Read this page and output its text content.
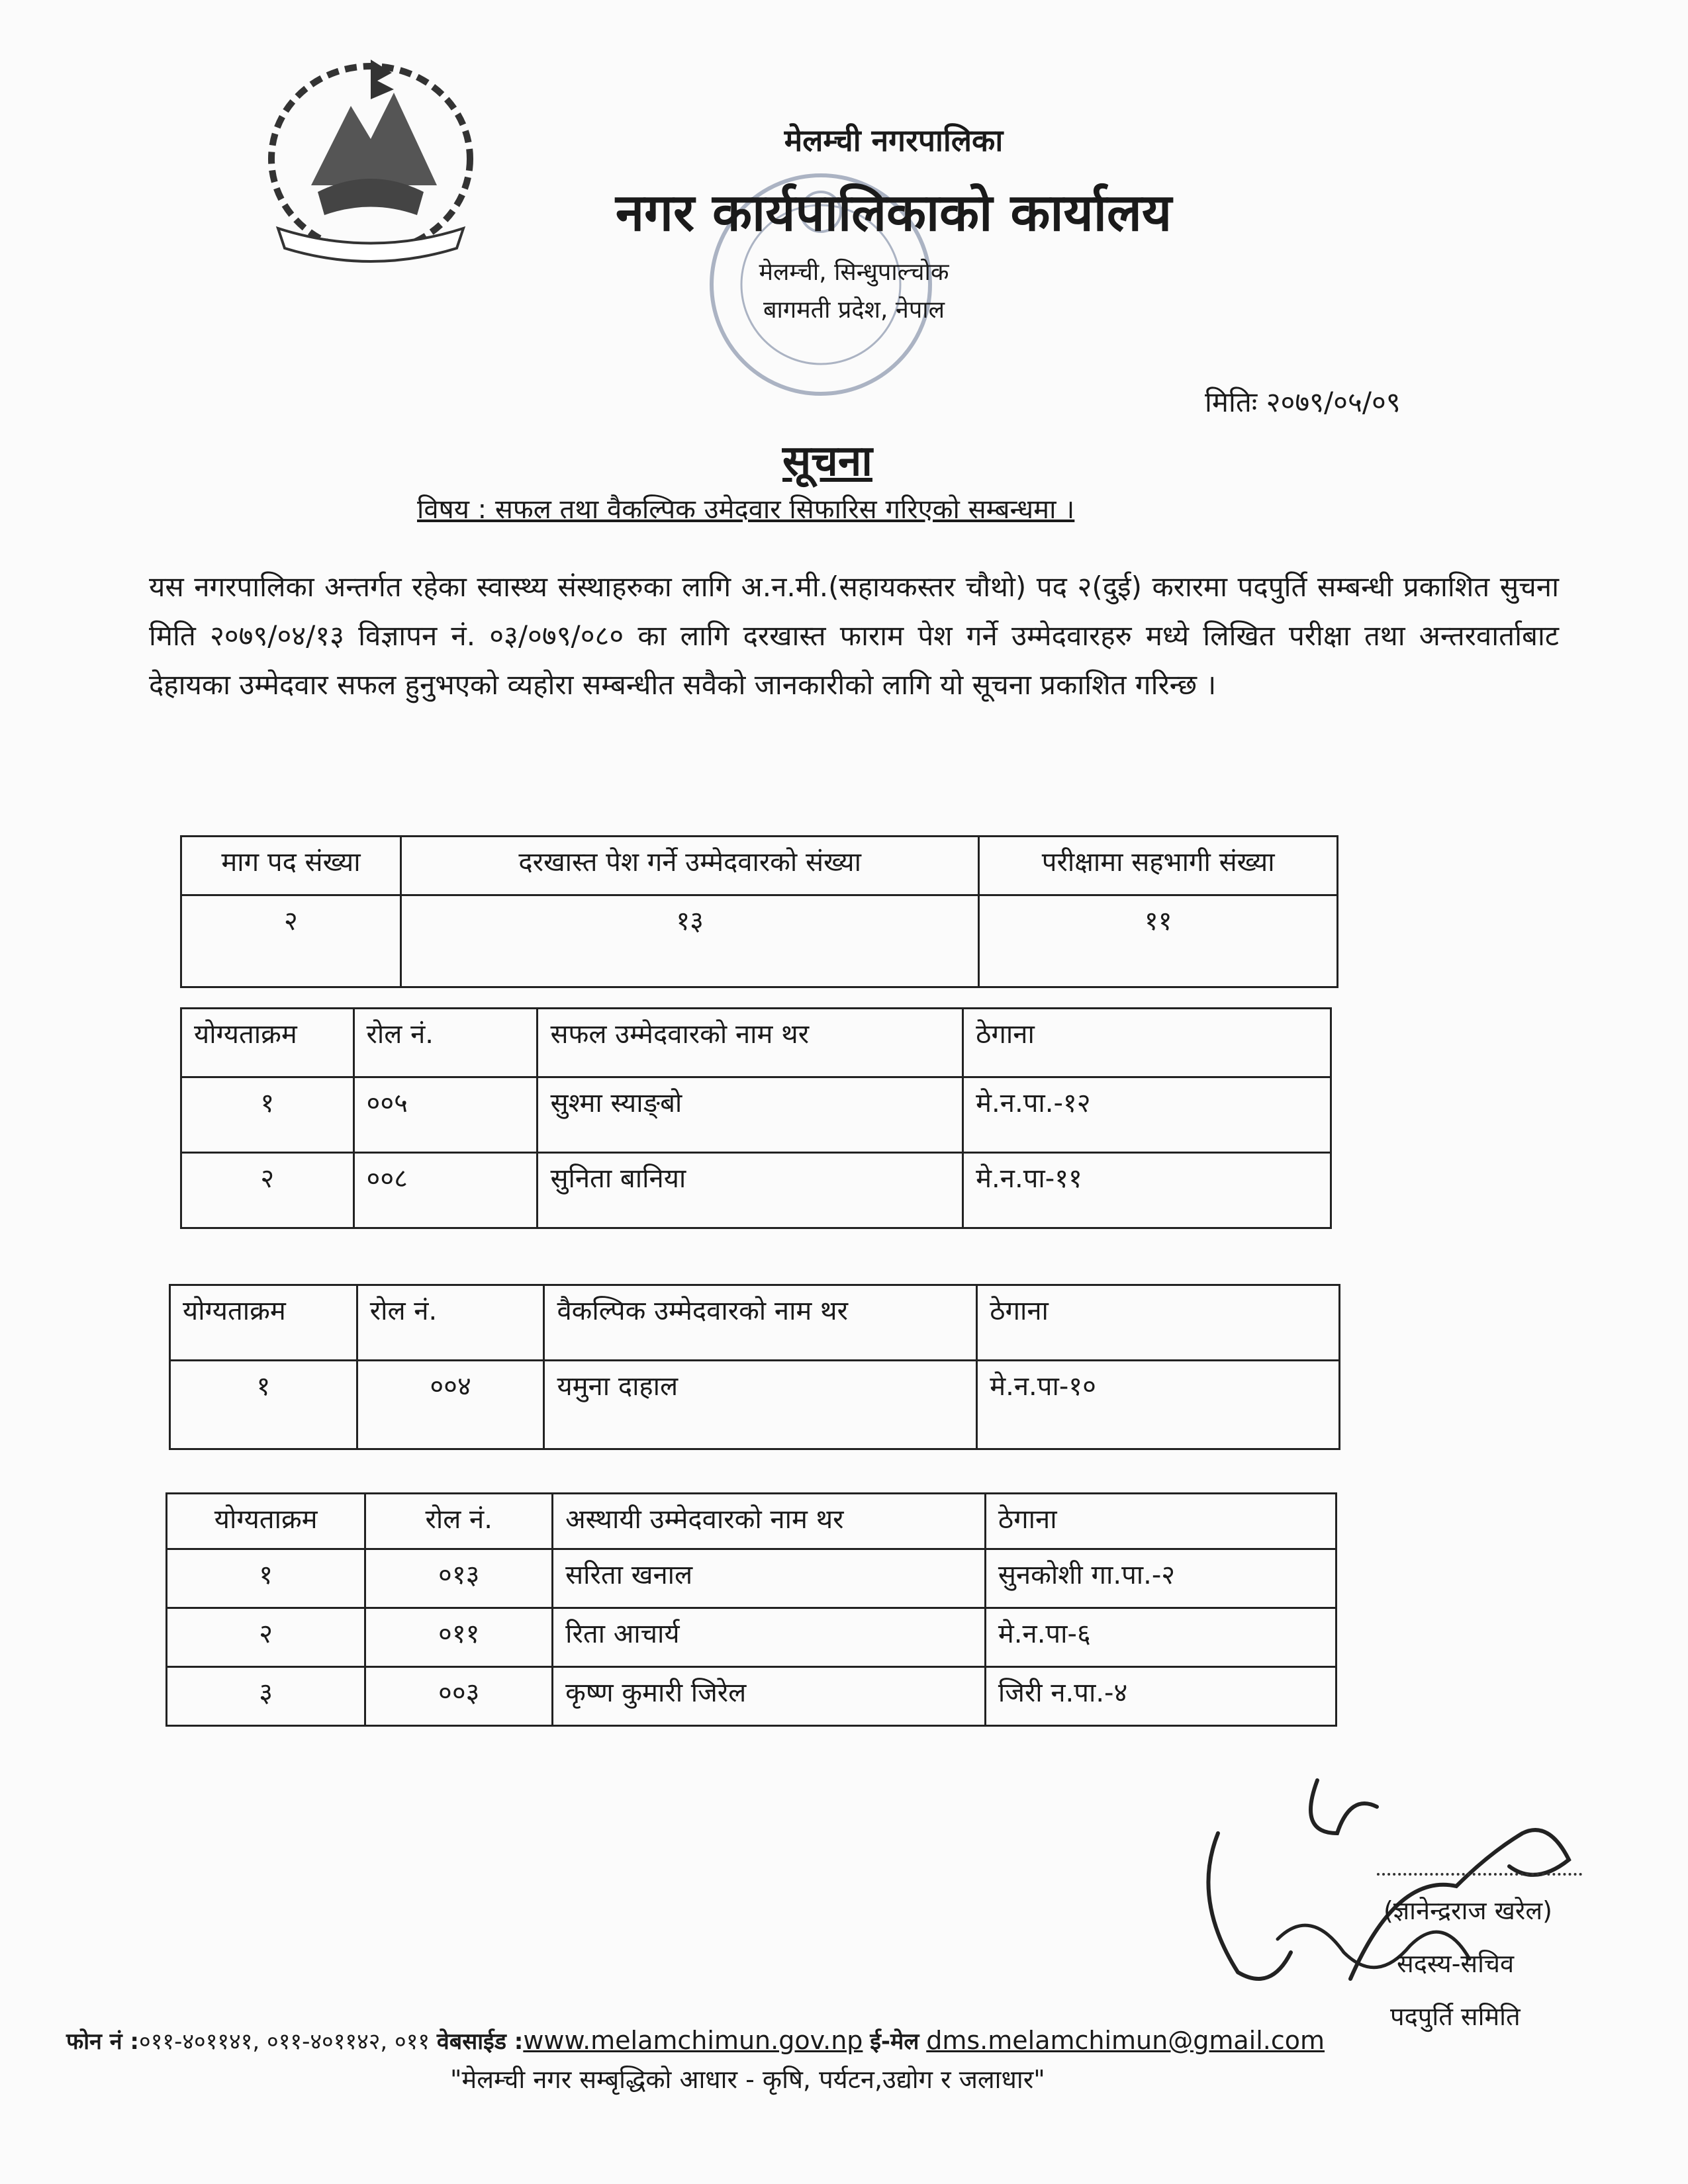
मेलम्ची नगरपालिका
नगर कार्यपालिकाको कार्यालय
मेलम्ची, सिन्धुपाल्चोक
बागमती प्रदेश, नेपाल
मितिः २०७९/०५/०९
सूचना
विषय : सफल तथा वैकल्पिक उमेदवार सिफारिस गरिएको सम्बन्धमा ।
यस नगरपालिका अन्तर्गत रहेका स्वास्थ्य संस्थाहरुका लागि अ.न.मी.(सहायकस्तर चौथो) पद २(दुई) करारमा पदपुर्ति सम्बन्धी प्रकाशित सुचना मिति २०७९/०४/१३ विज्ञापन नं. ०३/०७९/०८० का लागि दरखास्त फाराम पेश गर्ने उम्मेदवारहरु मध्ये लिखित परीक्षा तथा अन्तरवार्ताबाट देहायका उम्मेदवार सफल हुनुभएको व्यहोरा सम्बन्धीत सवैको जानकारीको लागि यो सूचना प्रकाशित गरिन्छ ।
माग पद संख्या	दरखास्त पेश गर्ने उम्मेदवारको संख्या	परीक्षामा सहभागी संख्या
२	१३	११
योग्यताक्रम	रोल नं.	सफल उम्मेदवारको नाम थर	ठेगाना
१	००५	सुश्मा स्याङ्बो	मे.न.पा.-१२
२	००८	सुनिता बानिया	मे.न.पा-११
योग्यताक्रम	रोल नं.	वैकल्पिक उम्मेदवारको नाम थर	ठेगाना
१	००४	यमुना दाहाल	मे.न.पा-१०
योग्यताक्रम	रोल नं.	अस्थायी उम्मेदवारको नाम थर	ठेगाना
१	०१३	सरिता खनाल	सुनकोशी गा.पा.-२
२	०११	रिता आचार्य	मे.न.पा-६
३	००३	कृष्ण कुमारी जिरेल	जिरी न.पा.-४
(ज्ञानेन्द्रराज खरेल)
सदस्य-सचिव
पदपुर्ति समिति
फोन नं :०११-४०११४१, ०११-४०११४२, ०११ वेबसाईड :www.melamchimun.gov.np ई-मेल dms.melamchimun@gmail.com
"मेलम्ची नगर सम्बृद्धिको आधार - कृषि, पर्यटन,उद्योग र जलाधार"
